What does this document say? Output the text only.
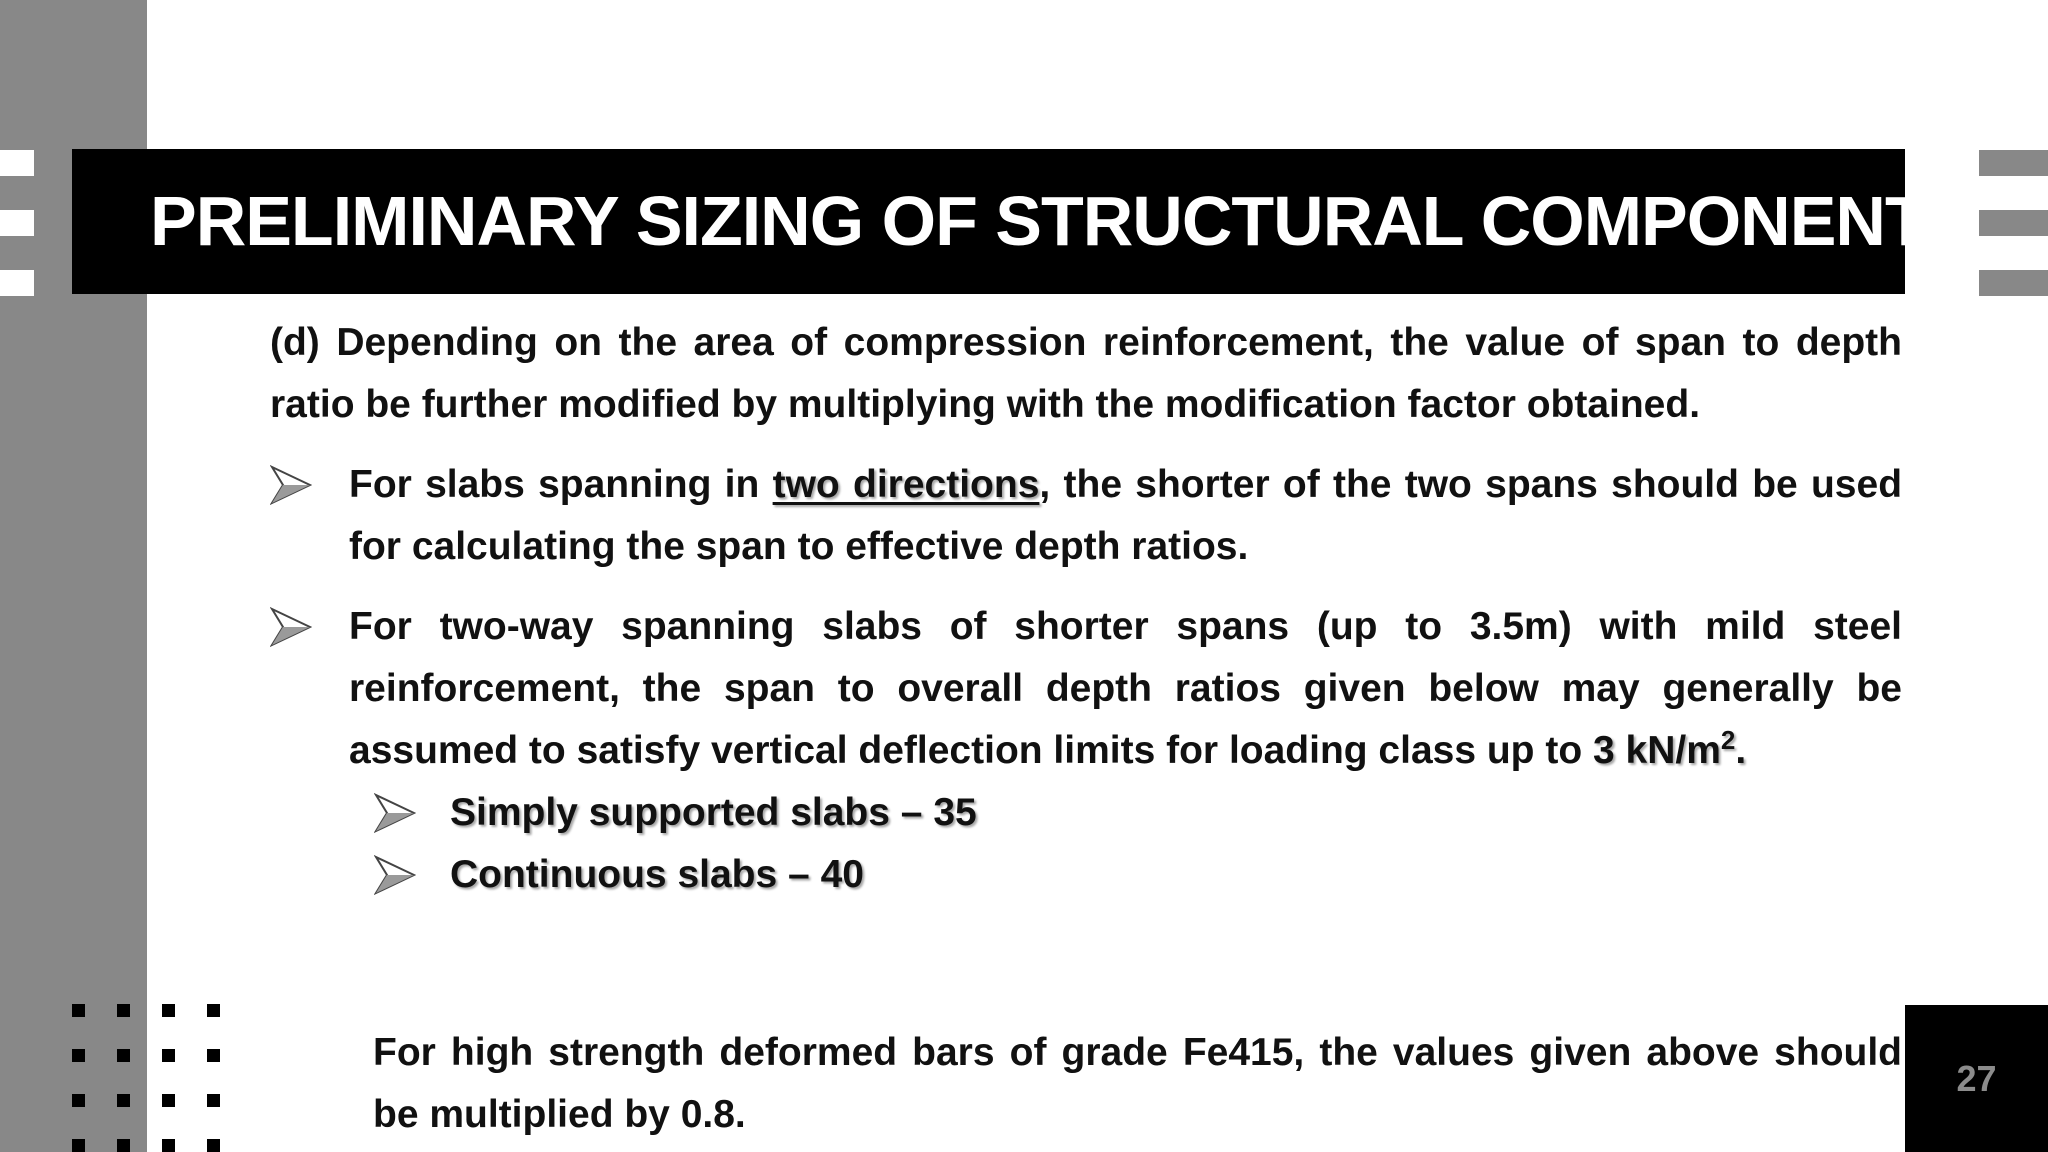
PRELIMINARY SIZING OF STRUCTURAL COMPONENTS

(d) Depending on the area of compression reinforcement, the value of span to depth ratio be further modified by multiplying with the modification factor obtained.

For slabs spanning in two directions, the shorter of the two spans should be used for calculating the span to effective depth ratios.
For two-way spanning slabs of shorter spans (up to 3.5m) with mild steel reinforcement, the span to overall depth ratios given below may generally be assumed to satisfy vertical deflection limits for loading class up to 3 $kN/m^2$.
Simply supported slabs – 35
Continuous slabs – 40
For high strength deformed bars of grade Fe415, the values given above should be multiplied by 0.8.
27
